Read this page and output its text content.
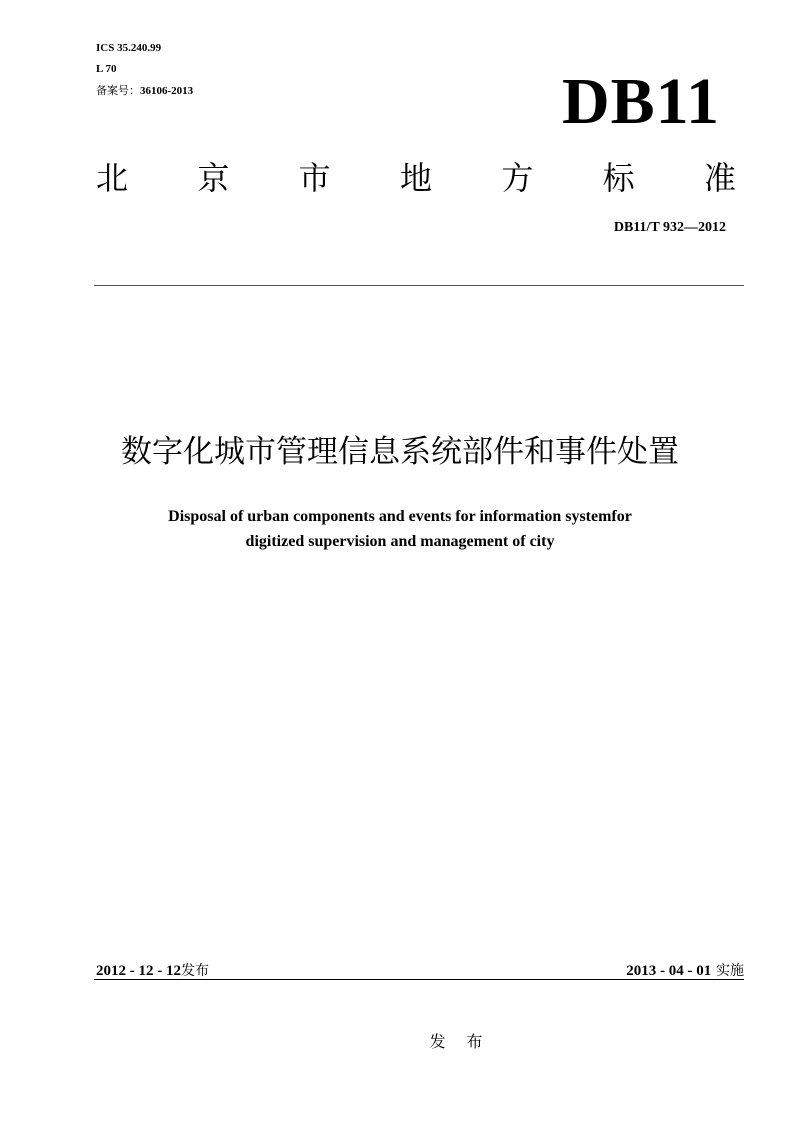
ICS 35.240.99
L 70
备案号：36106-2013	DB11
北 京 市 地 方 标 准
DB11/T 932—2012
数字化城市管理信息系统部件和事件处置
Disposal of urban components and events for information systemfor
digitized supervision and management of city
2012 - 12 - 12发布	2013 - 04 - 01 实施
发 布
